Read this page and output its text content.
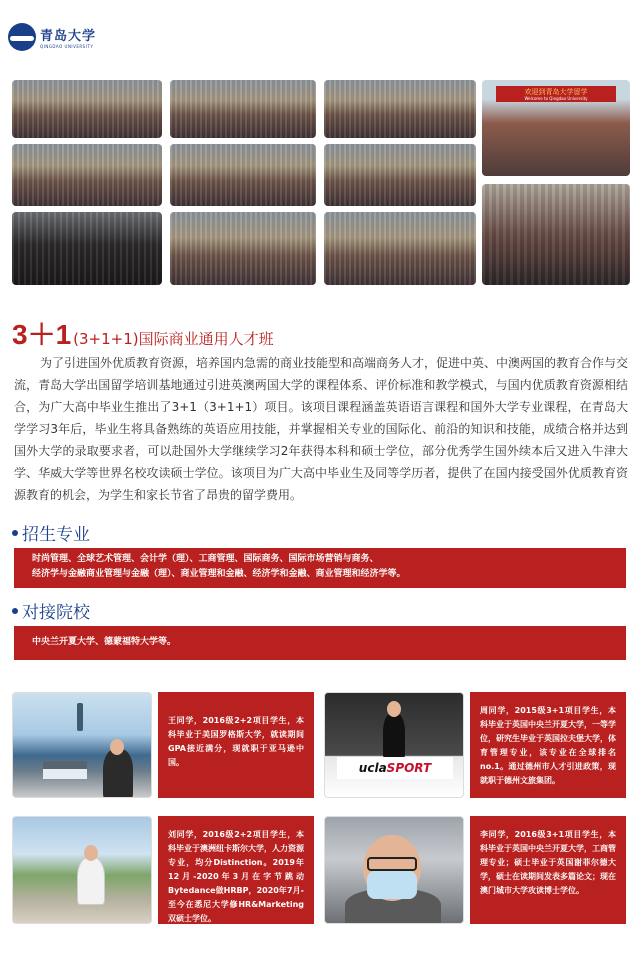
青岛大学
QINGDAO UNIVERSITY
欢迎到青岛大学留学
Welcome to Qingdao University
3＋1 (3+1+1)国际商业通用人才班

为了引进国外优质教育资源，培养国内急需的商业技能型和高端商务人才，促进中英、中澳两国的教育合作与交流，青岛大学出国留学培训基地通过引进英澳两国大学的课程体系、评价标准和教学模式，与国内优质教育资源相结合，为广大高中毕业生推出了3+1（3+1+1）项目。该项目课程涵盖英语语言课程和国外大学专业课程，在青岛大学学习3年后，毕业生将具备熟练的英语应用技能，并掌握相关专业的国际化、前沿的知识和技能，成绩合格并达到国外大学的录取要求者，可以赴国外大学继续学习2年获得本科和硕士学位，部分优秀学生国外续本后又进入牛津大学、华威大学等世界名校攻读硕士学位。该项目为广大高中毕业生及同等学历者，提供了在国内接受国外优质教育资源教育的机会，为学生和家长节省了昂贵的留学费用。

招生专业
时尚管理、全球艺术管理、会计学（理）、工商管理、国际商务、国际市场营销与商务、
经济学与金融商业管理与金融（理）、商业管理和金融、经济学和金融、商业管理和经济学等。
对接院校
中央兰开夏大学、德蒙福特大学等。
王同学，2016级2+2项目学生，本科毕业于美国罗格斯大学，就读期间GPA接近满分，现就职于亚马逊中国。	uclaSPORT
周同学，2015级3+1项目学生，本科毕业于英国中央兰开夏大学，一等学位，研究生毕业于英国拉夫堡大学，体育管理专业，该专业在全球排名no.1。通过德州市人才引进政策，现就职于德州文旅集团。
刘同学，2016级2+2项目学生，本科毕业于澳洲纽卡斯尔大学，人力资源专业，均分Distinction。2019年12月-2020年3月在字节跳动Bytedance做HRBP，2020年7月-至今在悉尼大学修HR&Marketing双硕士学位。
李同学，2016级3+1项目学生，本科毕业于英国中央兰开夏大学，工商管理专业；硕士毕业于英国谢菲尔德大学，硕士在读期间发表多篇论文；现在澳门城市大学攻读博士学位。
